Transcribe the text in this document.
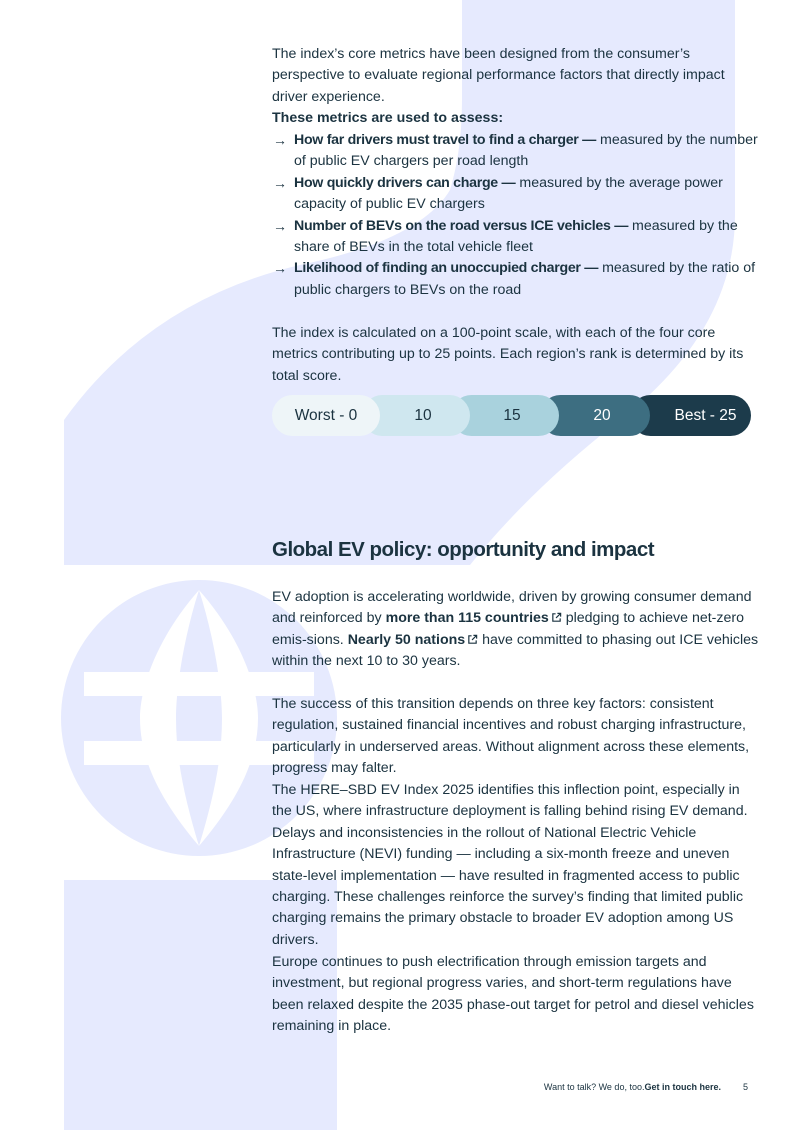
The index’s core metrics have been designed from the consumer’s perspective to evaluate regional performance factors that directly impact driver experience.

These metrics are used to assess:
→ How far drivers must travel to find a charger — measured by the number of public EV chargers per road length
→ How quickly drivers can charge — measured by the average power capacity of public EV chargers
→ Number of BEVs on the road versus ICE vehicles — measured by the share of BEVs in the total vehicle fleet
→ Likelihood of finding an unoccupied charger — measured by the ratio of public chargers to BEVs on the road

The index is calculated on a 100-point scale, with each of the four core metrics contributing up to 25 points. Each region’s rank is determined by its total score.

Best - 25
20
15
10
Worst - 0
Global EV policy: opportunity and impact

EV adoption is accelerating worldwide, driven by growing consumer demand and reinforced by more than 115 countries pledging to achieve net-zero emis-sions. Nearly 50 nations have committed to phasing out ICE vehicles within the next 10 to 30 years.

The success of this transition depends on three key factors: consistent regulation, sustained financial incentives and robust charging infrastructure, particularly in underserved areas. Without alignment across these elements, progress may falter.

The HERE–SBD EV Index 2025 identifies this inflection point, especially in the US, where infrastructure deployment is falling behind rising EV demand. Delays and inconsistencies in the rollout of National Electric Vehicle Infrastructure (NEVI) funding — including a six-month freeze and uneven state-level implementation — have resulted in fragmented access to public charging. These challenges reinforce the survey’s finding that limited public charging remains the primary obstacle to broader EV adoption among US drivers.

Europe continues to push electrification through emission targets and investment, but regional progress varies, and short-term regulations have been relaxed despite the 2035 phase-out target for petrol and diesel vehicles remaining in place.

Want to talk? We do, too. Get in touch here. 5
